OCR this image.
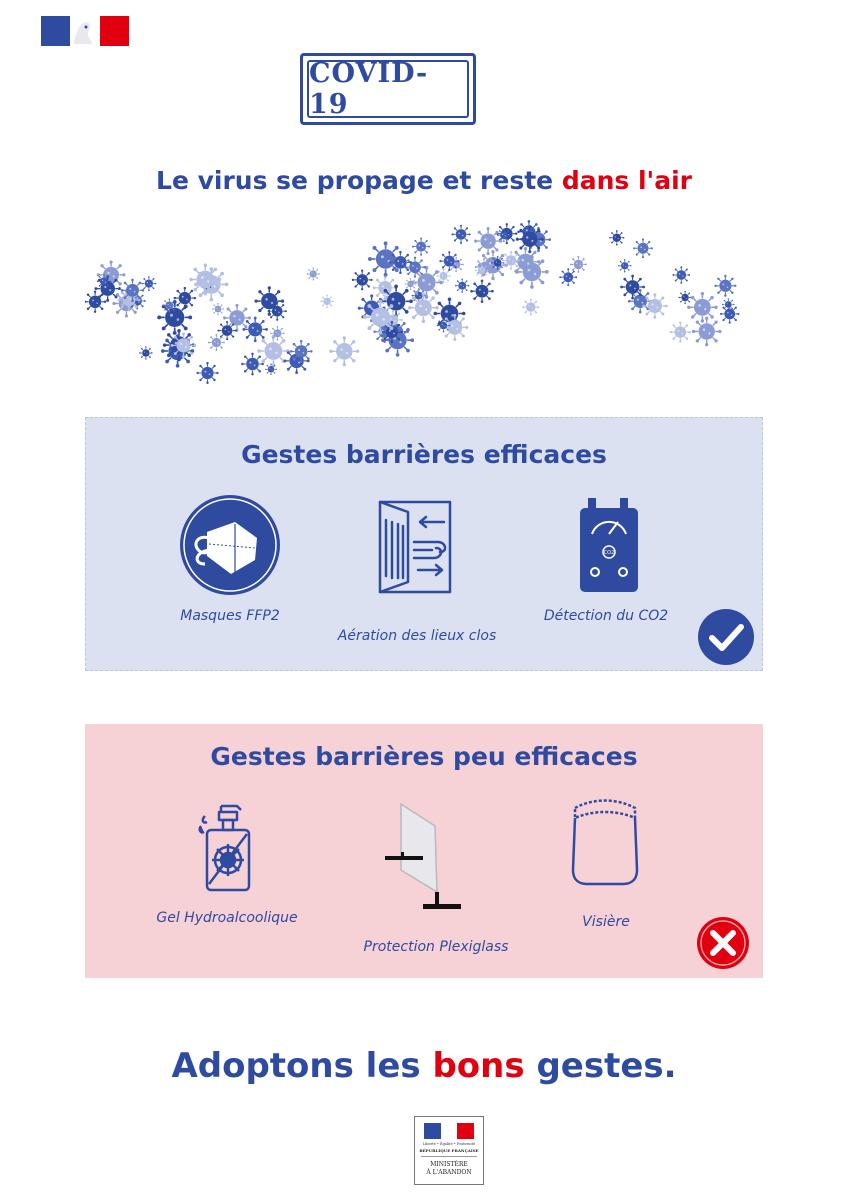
COVID-19
Le virus se propage et reste dans l'air
Gestes barrières efficaces
CO2
Masques FFP2
Aération des lieux clos
Détection du CO2
Gestes barrières peu efficaces
Gel Hydroalcoolique
Protection Plexiglass
Visière
Adoptons les bons gestes.
Liberté • Égalité • Fraternité
RÉPUBLIQUE FRANÇAISE
MINISTÈRE
À L'ABANDON
